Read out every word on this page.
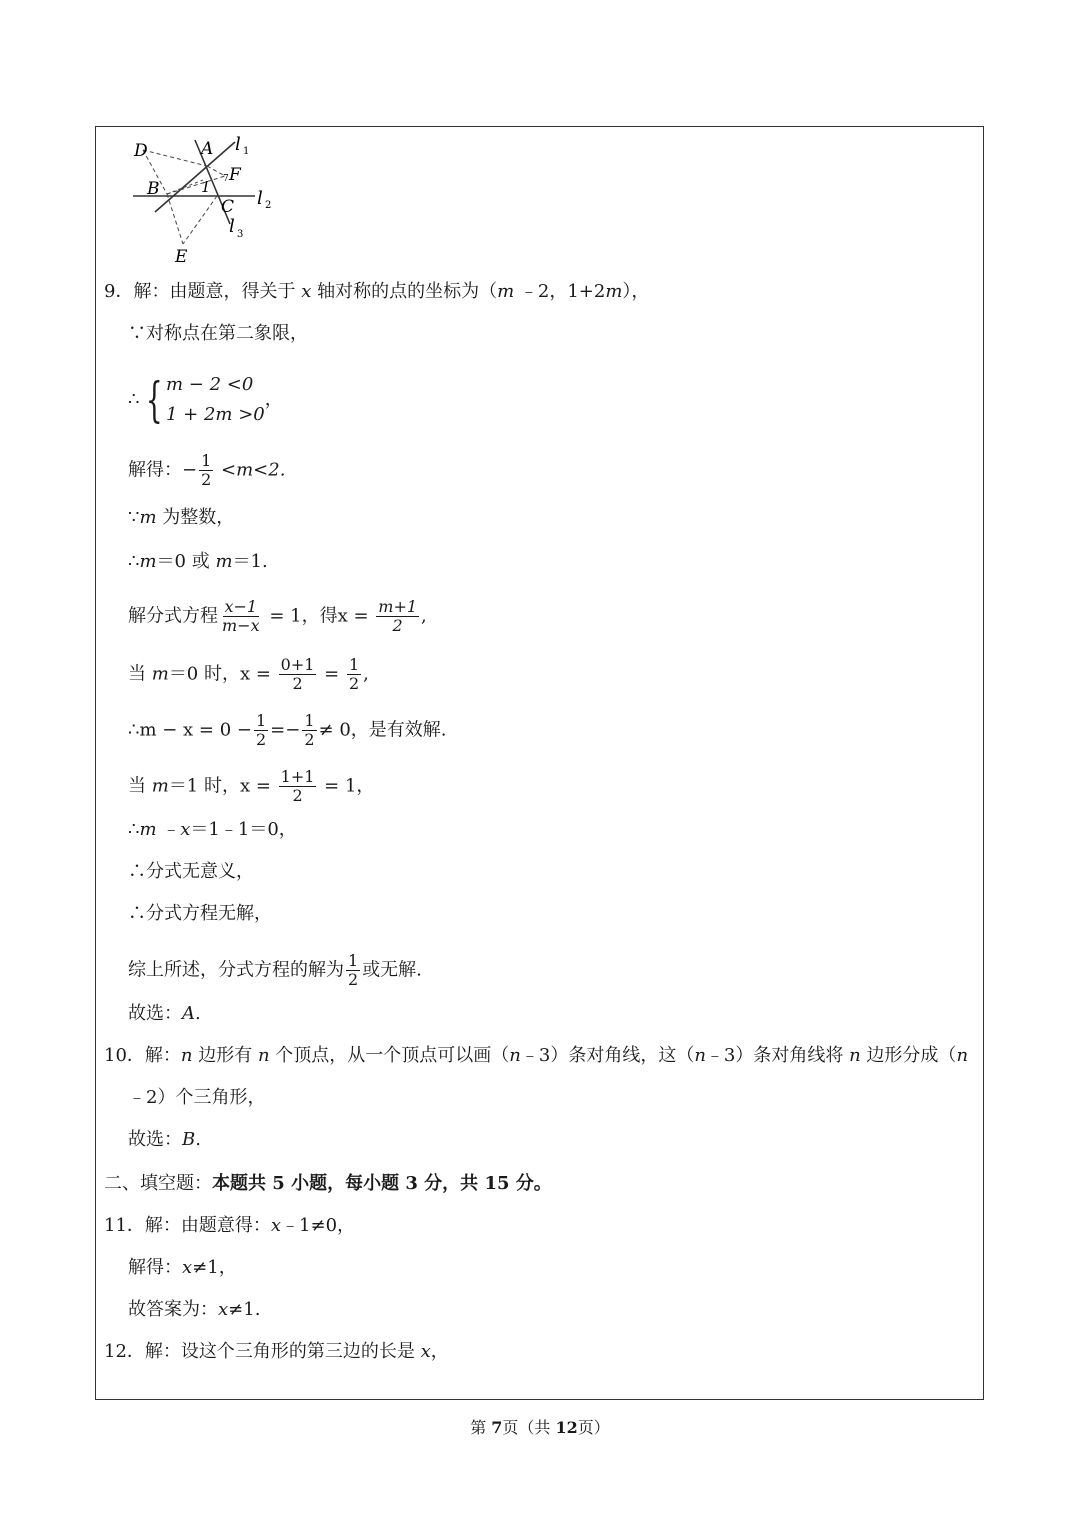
D	A l 1
7 F
B	1
C l 2
l 3
E
9．解：由题意，得关于 x 轴对称的点的坐标为（m ﹣2，1+2m），
∵对称点在第二象限，
∴ { m − 2 <0
1 + 2m >0
，
解得：− $\frac{1}{2} <m<2$.
∵m 为整数，
∴m＝0 或 m＝1.
解分式方程 $\frac{x-1}{m-x} = 1$，得$x = \frac{m+1}{2}$ ,
当 m＝0 时，$x = \frac{0+1}{2} = \frac{1}{2}$ ,
∴m − $x = 0 - \frac{1}{2} =- \frac{1}{2} \ne 0$，是有效解.
当 m＝1 时，$x = \frac{1+1}{2} = 1$，
∴m ﹣x＝1﹣1＝0，
∴分式无意义，
∴分式方程无解，
综上所述，分式方程的解为 $\frac{1}{2}$ 或无解.
故选：A.
10．解：n 边形有 n 个顶点，从一个顶点可以画（n﹣3）条对角线，这（n﹣3）条对角线将 n 边形分成（n
﹣2）个三角形，
故选：B.
二、填空题：本题共 5 小题，每小题 3 分，共 15 分。
11．解：由题意得：x﹣1≠0，
解得：x≠1，
故答案为：x≠1.
12．解：设这个三角形的第三边的长是 x，
第 7页（共 12页）
